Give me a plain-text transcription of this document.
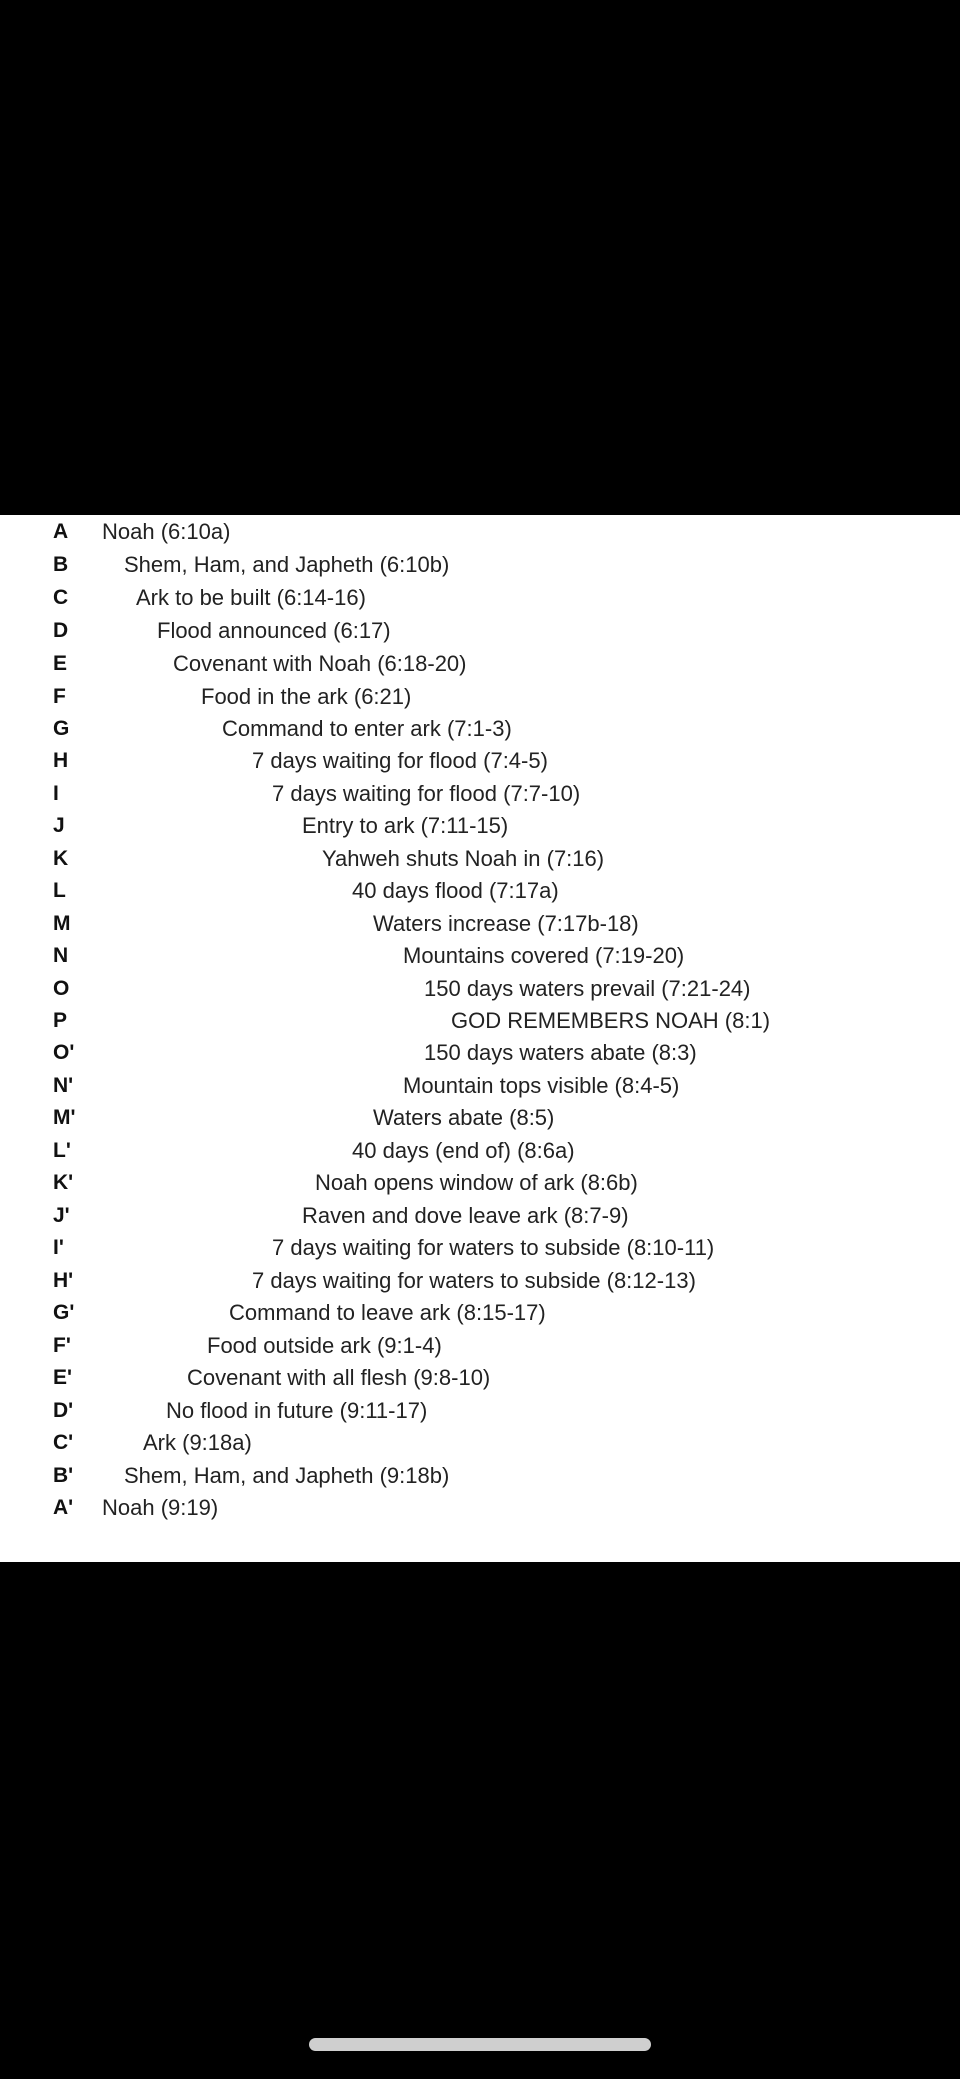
A	Noah (6:10a)
B	Shem, Ham, and Japheth (6:10b)
C	Ark to be built (6:14-16)
D	Flood announced (6:17)
E	Covenant with Noah (6:18-20)
F	Food in the ark (6:21)
G	Command to enter ark (7:1-3)
H	7 days waiting for flood (7:4-5)
I	7 days waiting for flood (7:7-10)
J	Entry to ark (7:11-15)
K	Yahweh shuts Noah in (7:16)
L	40 days flood (7:17a)
M	Waters increase (7:17b-18)
N	Mountains covered (7:19-20)
O	150 days waters prevail (7:21-24)
P	GOD REMEMBERS NOAH (8:1)
O'	150 days waters abate (8:3)
N'	Mountain tops visible (8:4-5)
M'	Waters abate (8:5)
L'	40 days (end of) (8:6a)
K'	Noah opens window of ark (8:6b)
J'	Raven and dove leave ark (8:7-9)
I'	7 days waiting for waters to subside (8:10-11)
H'	7 days waiting for waters to subside (8:12-13)
G'	Command to leave ark (8:15-17)
F'	Food outside ark (9:1-4)
E'	Covenant with all flesh (9:8-10)
D'	No flood in future (9:11-17)
C'	Ark (9:18a)
B'	Shem, Ham, and Japheth (9:18b)
A'	Noah (9:19)
